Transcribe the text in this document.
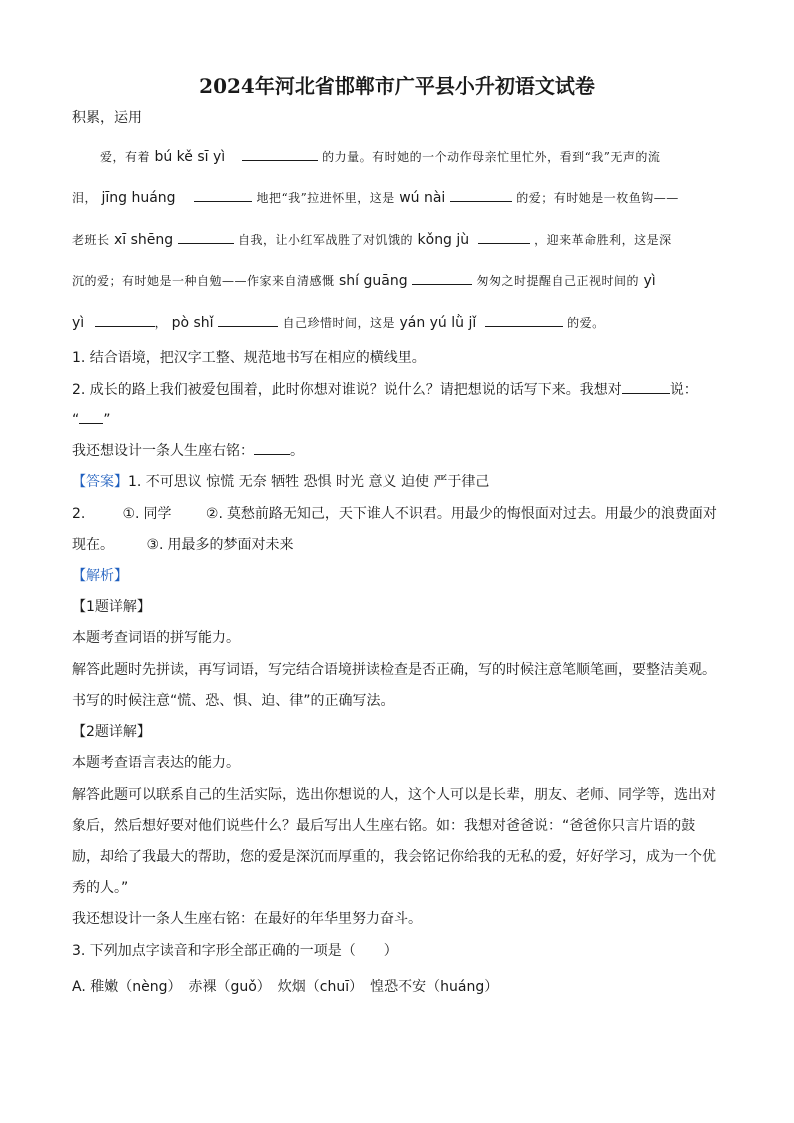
2024年河北省邯郸市广平县小升初语文试卷
积累，运用
爱，有着 bú kě sī yì	的力量。有时她的一个动作母亲忙里忙外，看到“我”无声的流
泪， jīng huáng	地把“我”拉进怀里，这是 wú nài	的爱；有时她是一枚鱼钩——
老班长 xī shēng	自我，让小红军战胜了对饥饿的 kǒng jù	，迎来革命胜利，这是深
沉的爱；有时她是一种自勉——作家来自清感慨 shí guāng	匆匆之时提醒自己正视时间的 yì
yì	， pò shǐ	自己珍惜时间，这是 yán yú lǜ jǐ	的爱。
1. 结合语境，把汉字工整、规范地书写在相应的横线里。
2. 成长的路上我们被爱包围着，此时你想对谁说？说什么？请把想说的话写下来。我想对	说：
“ ”
我还想设计一条人生座右铭：	。
【答案】1. 不可思议 惊慌 无奈 牺牲 恐惧 时光 意义 迫使 严于律己
2.	①. 同学 ②. 莫愁前路无知己，天下谁人不识君。用最少的悔恨面对过去。用最少的浪费面对
现在。 ③. 用最多的梦面对未来
【解析】
【1题详解】
本题考查词语的拼写能力。
解答此题时先拼读，再写词语，写完结合语境拼读检查是否正确，写的时候注意笔顺笔画，要整洁美观。
书写的时候注意“慌、恐、惧、迫、律”的正确写法。
【2题详解】
本题考查语言表达的能力。
解答此题可以联系自己的生活实际，选出你想说的人，这个人可以是长辈，朋友、老师、同学等，选出对
象后，然后想好要对他们说些什么？最后写出人生座右铭。如：我想对爸爸说：“爸爸你只言片语的鼓
励，却给了我最大的帮助，您的爱是深沉而厚重的，我会铭记你给我的无私的爱，好好学习，成为一个优
秀的人。”
我还想设计一条人生座右铭：在最好的年华里努力奋斗。
3. 下列加点字读音和字形全部正确的一项是（　　）
A. 稚嫩（nèng）　赤裸（guǒ）　炊烟（chuī）　惶恐不安（huáng）
